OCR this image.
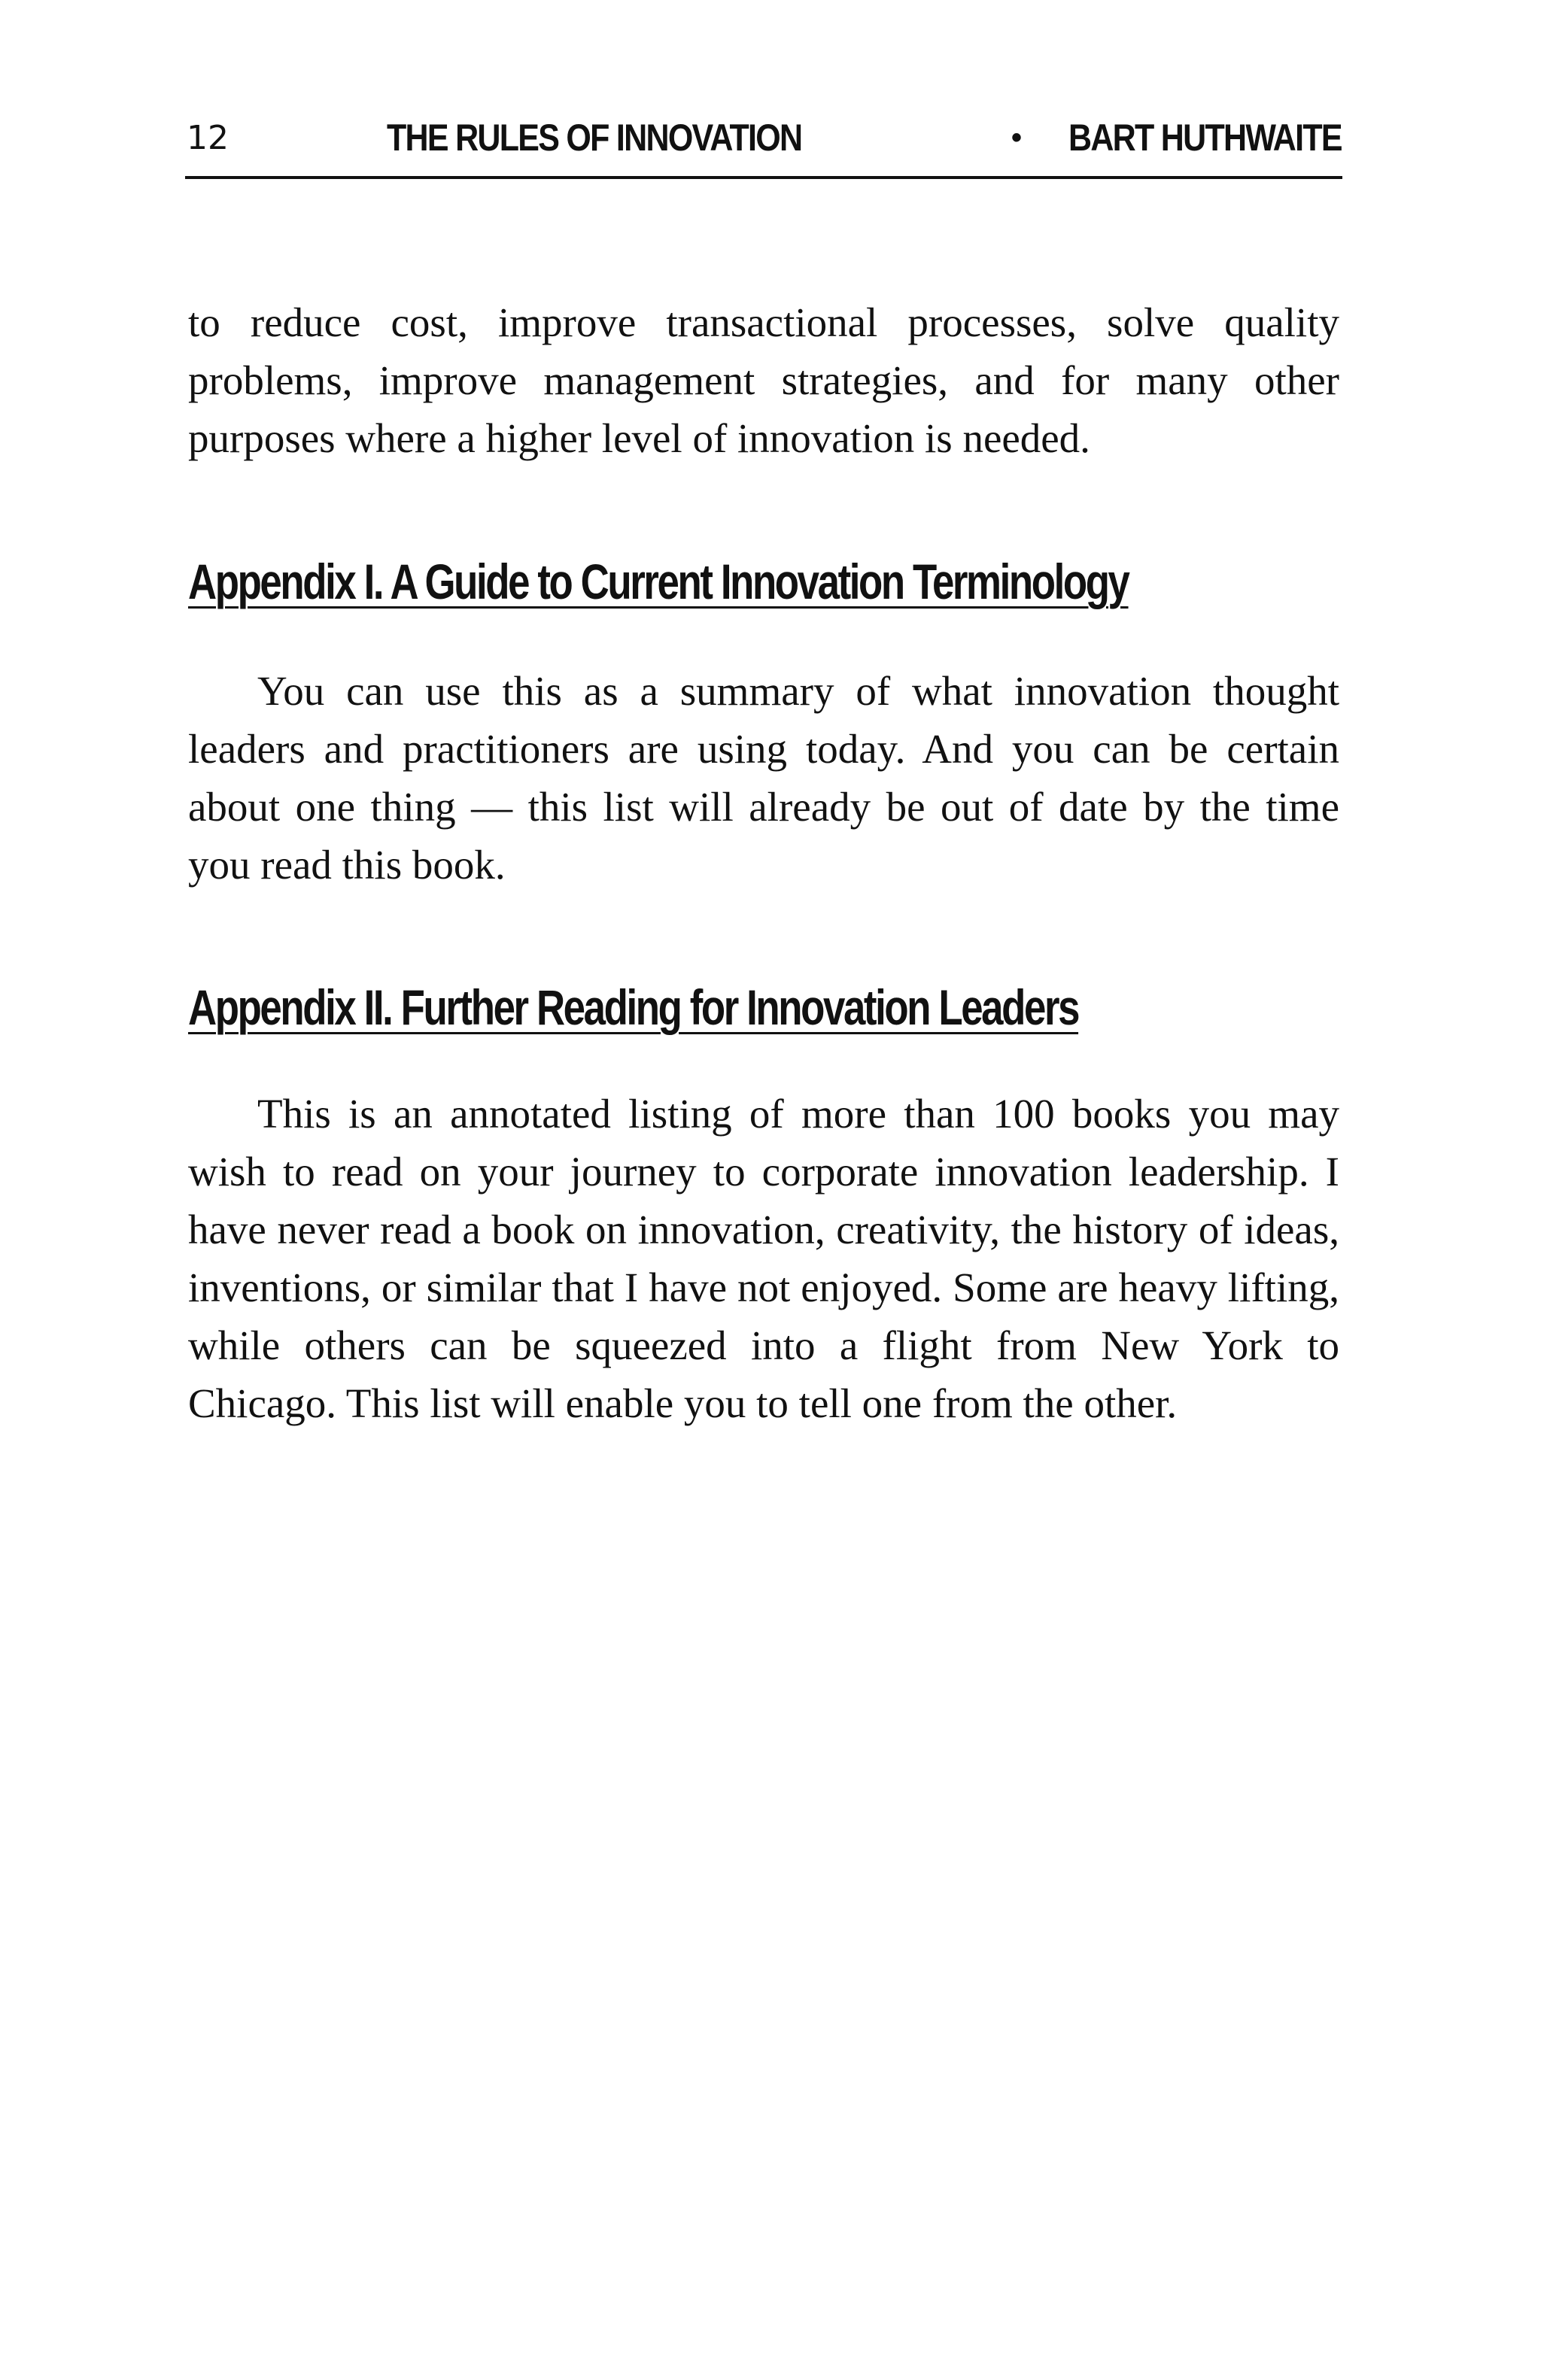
12	THE RULES OF INNOVATION	• BART HUTHWAITE

to reduce cost, improve transactional processes, solve quality problems, improve management strategies, and for many other purposes where a higher level of innovation is needed.

Appendix I. A Guide to Current Innovation Terminology

You can use this as a summary of what innovation thought leaders and practitioners are using today. And you can be certain about one thing — this list will already be out of date by the time you read this book.

Appendix II. Further Reading for Innovation Leaders

This is an annotated listing of more than 100 books you may wish to read on your journey to corporate innovation leadership. I have never read a book on innovation, creativity, the history of ideas, inventions, or similar that I have not enjoyed. Some are heavy lifting, while others can be squeezed into a flight from New York to Chicago. This list will enable you to tell one from the other.
